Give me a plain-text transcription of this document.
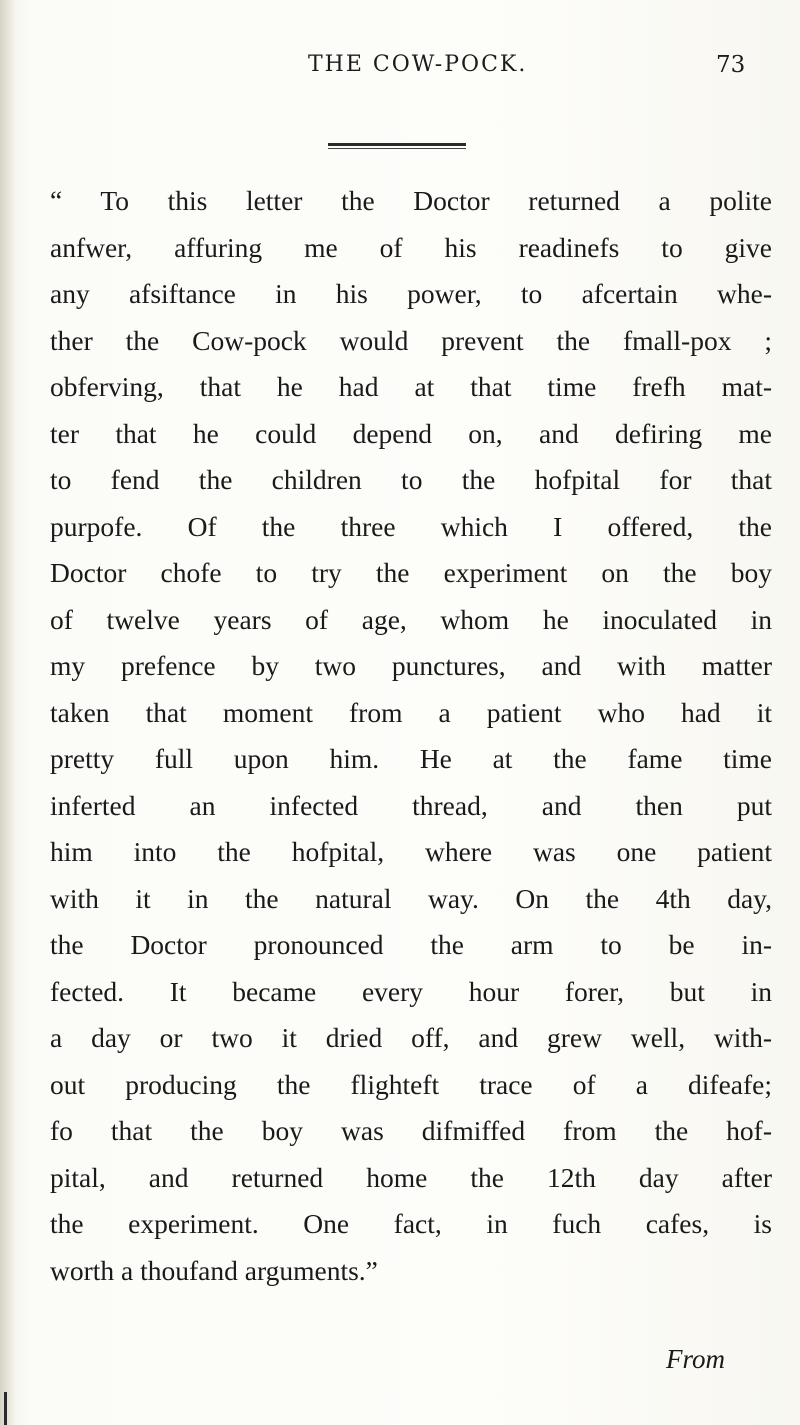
THE COW-POCK.	73
“ To this letter the Doctor returned a polite
anfwer, affuring me of his readinefs to give
any afsiftance in his power, to afcertain whe-
ther the Cow-pock would prevent the fmall-pox ;
obferving, that he had at that time frefh mat-
ter that he could depend on, and defiring me
to fend the children to the hofpital for that
purpofe. Of the three which I offered, the
Doctor chofe to try the experiment on the boy
of twelve years of age, whom he inoculated in
my prefence by two punctures, and with matter
taken that moment from a patient who had it
pretty full upon him. He at the fame time
inferted an infected thread, and then put
him into the hofpital, where was one patient
with it in the natural way. On the 4th day,
the Doctor pronounced the arm to be in-
fected. It became every hour forer, but in
a day or two it dried off, and grew well, with-
out producing the flighteft trace of a difeafe;
fo that the boy was difmiffed from the hof-
pital, and returned home the 12th day after
the experiment. One fact, in fuch cafes, is
worth a thoufand arguments.”
From
